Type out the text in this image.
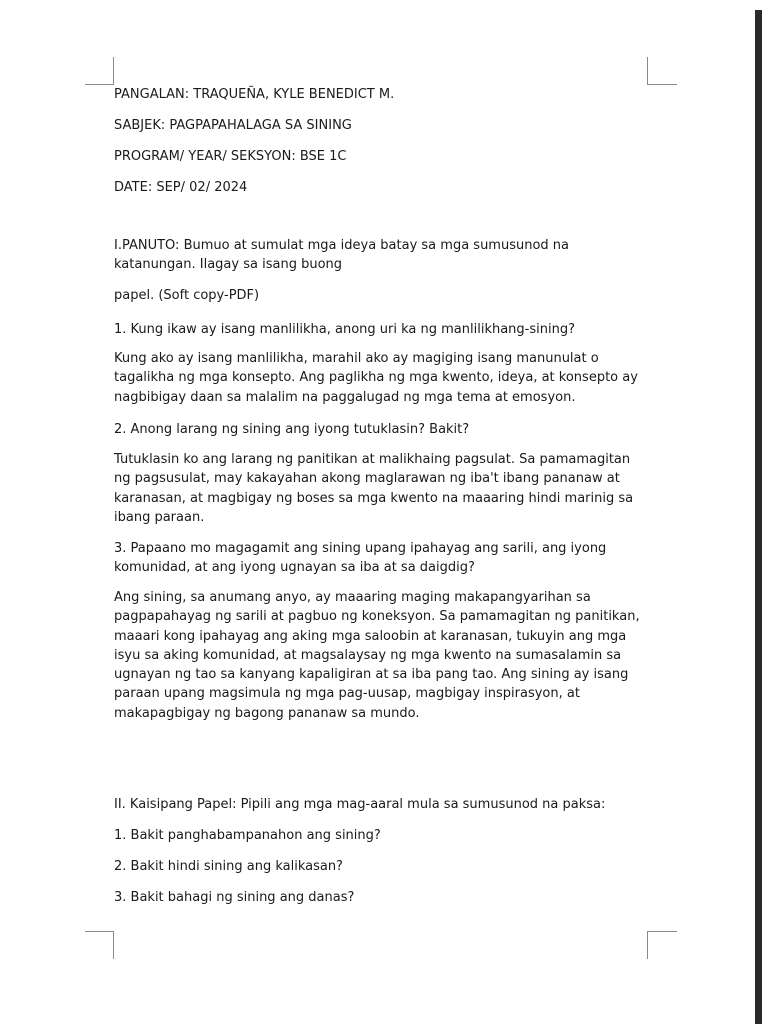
PANGALAN: TRAQUEÑA, KYLE BENEDICT M.

SABJEK: PAGPAPAHALAGA SA SINING

PROGRAM/ YEAR/ SEKSYON: BSE 1C

DATE: SEP/ 02/ 2024

I.PANUTO: Bumuo at sumulat mga ideya batay sa mga sumusunod na

katanungan. Ilagay sa isang buong

papel. (Soft copy-PDF)

1. Kung ikaw ay isang manlilikha, anong uri ka ng manlilikhang-sining?

Kung ako ay isang manlilikha, marahil ako ay magiging isang manunulat o tagalikha ng mga konsepto. Ang paglikha ng mga kwento, ideya, at konsepto ay nagbibigay daan sa malalim na paggalugad ng mga tema at emosyon.

2. Anong larang ng sining ang iyong tutuklasin? Bakit?

Tutuklasin ko ang larang ng panitikan at malikhaing pagsulat. Sa pamamagitan ng pagsusulat, may kakayahan akong maglarawan ng iba't ibang pananaw at karanasan, at magbigay ng boses sa mga kwento na maaaring hindi marinig sa ibang paraan.

3. Papaano mo magagamit ang sining upang ipahayag ang sarili, ang iyong komunidad, at ang iyong ugnayan sa iba at sa daigdig?

Ang sining, sa anumang anyo, ay maaaring maging makapangyarihan sa pagpapahayag ng sarili at pagbuo ng koneksyon. Sa pamamagitan ng panitikan, maaari kong ipahayag ang aking mga saloobin at karanasan, tukuyin ang mga isyu sa aking komunidad, at magsalaysay ng mga kwento na sumasalamin sa ugnayan ng tao sa kanyang kapaligiran at sa iba pang tao. Ang sining ay isang paraan upang magsimula ng mga pag-uusap, magbigay inspirasyon, at makapagbigay ng bagong pananaw sa mundo.

II. Kaisipang Papel: Pipili ang mga mag-aaral mula sa sumusunod na paksa:

1. Bakit panghabampanahon ang sining?

2. Bakit hindi sining ang kalikasan?

3. Bakit bahagi ng sining ang danas?
